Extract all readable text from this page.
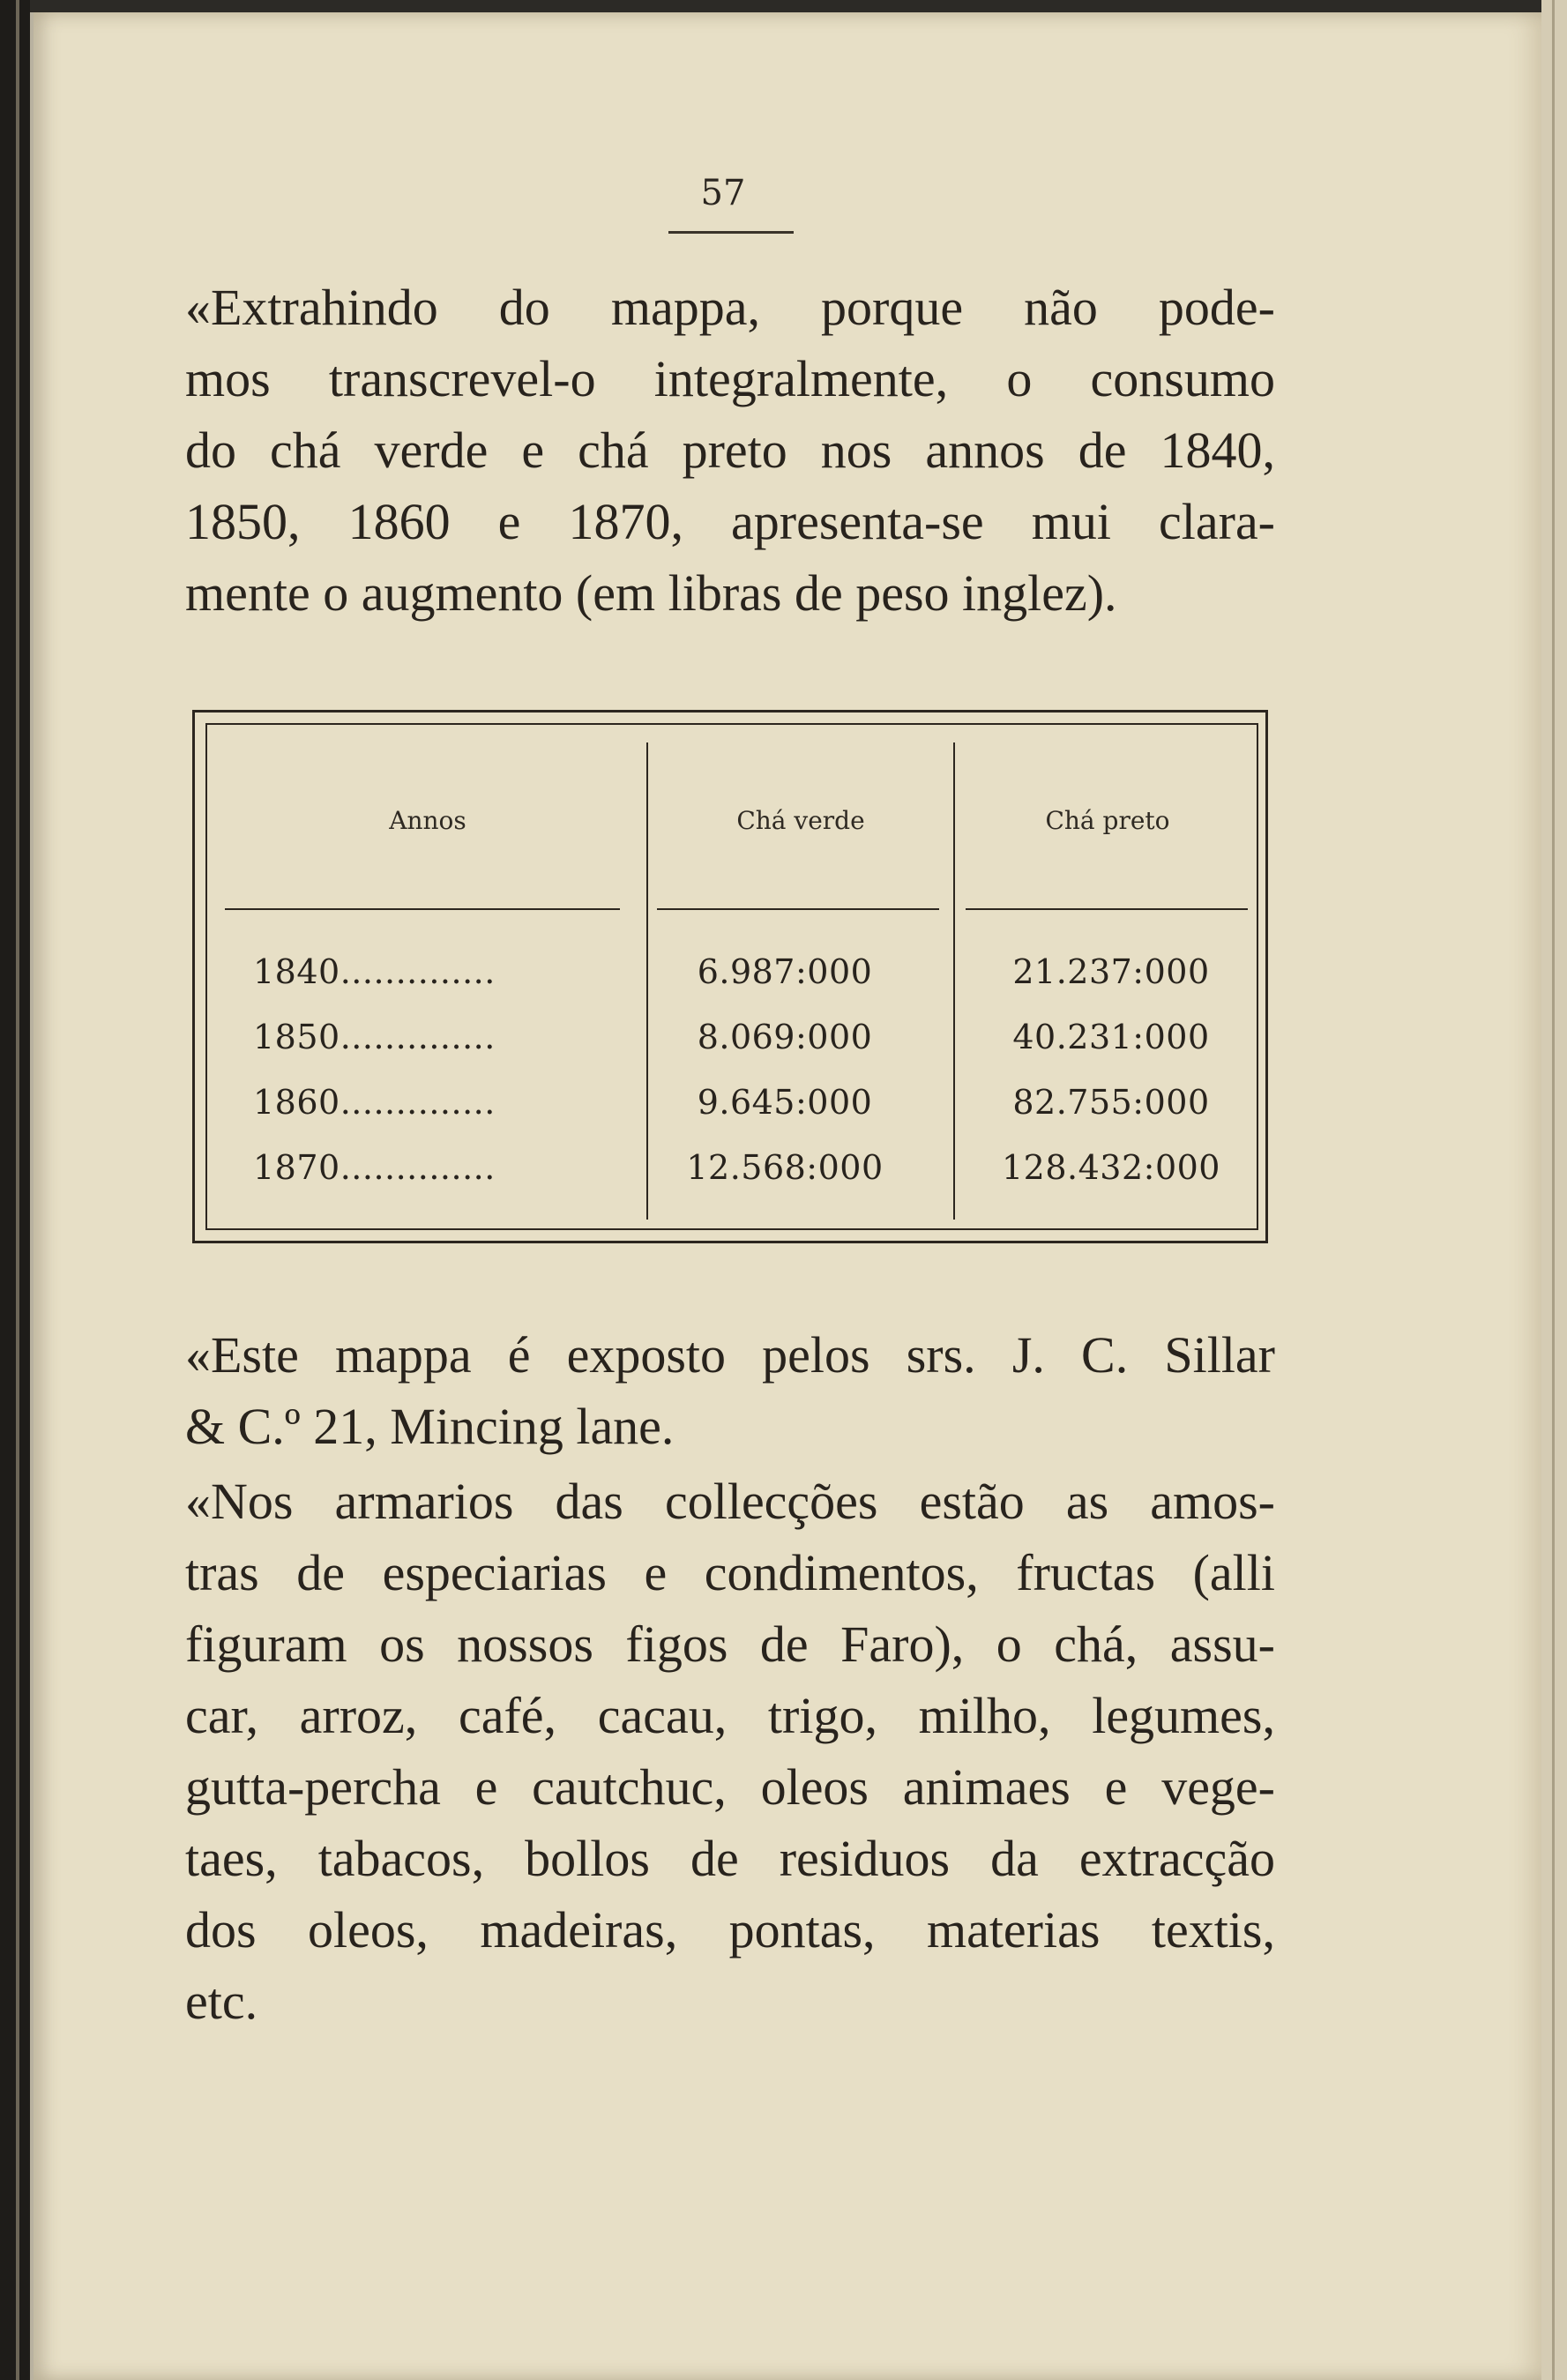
57
«Extrahindo do mappa, porque não pode-
mos transcrevel-o integralmente, o consumo
do chá verde e chá preto nos annos de 1840,
1850, 1860 e 1870, apresenta-se mui clara-
mente o augmento (em libras de peso inglez).
Annos	Chá verde	Chá preto
1840..............	6.987:000	21.237:000
1850..............	8.069:000	40.231:000
1860..............	9.645:000	82.755:000
1870..............	12.568:000	128.432:000
«Este mappa é exposto pelos srs. J. C. Sillar
& C.º 21, Mincing lane.
«Nos armarios das collecções estão as amos-
tras de especiarias e condimentos, fructas (alli
figuram os nossos figos de Faro), o chá, assu-
car, arroz, café, cacau, trigo, milho, legumes,
gutta-percha e cautchuc, oleos animaes e vege-
taes, tabacos, bollos de residuos da extracção
dos oleos, madeiras, pontas, materias textis,
etc.
